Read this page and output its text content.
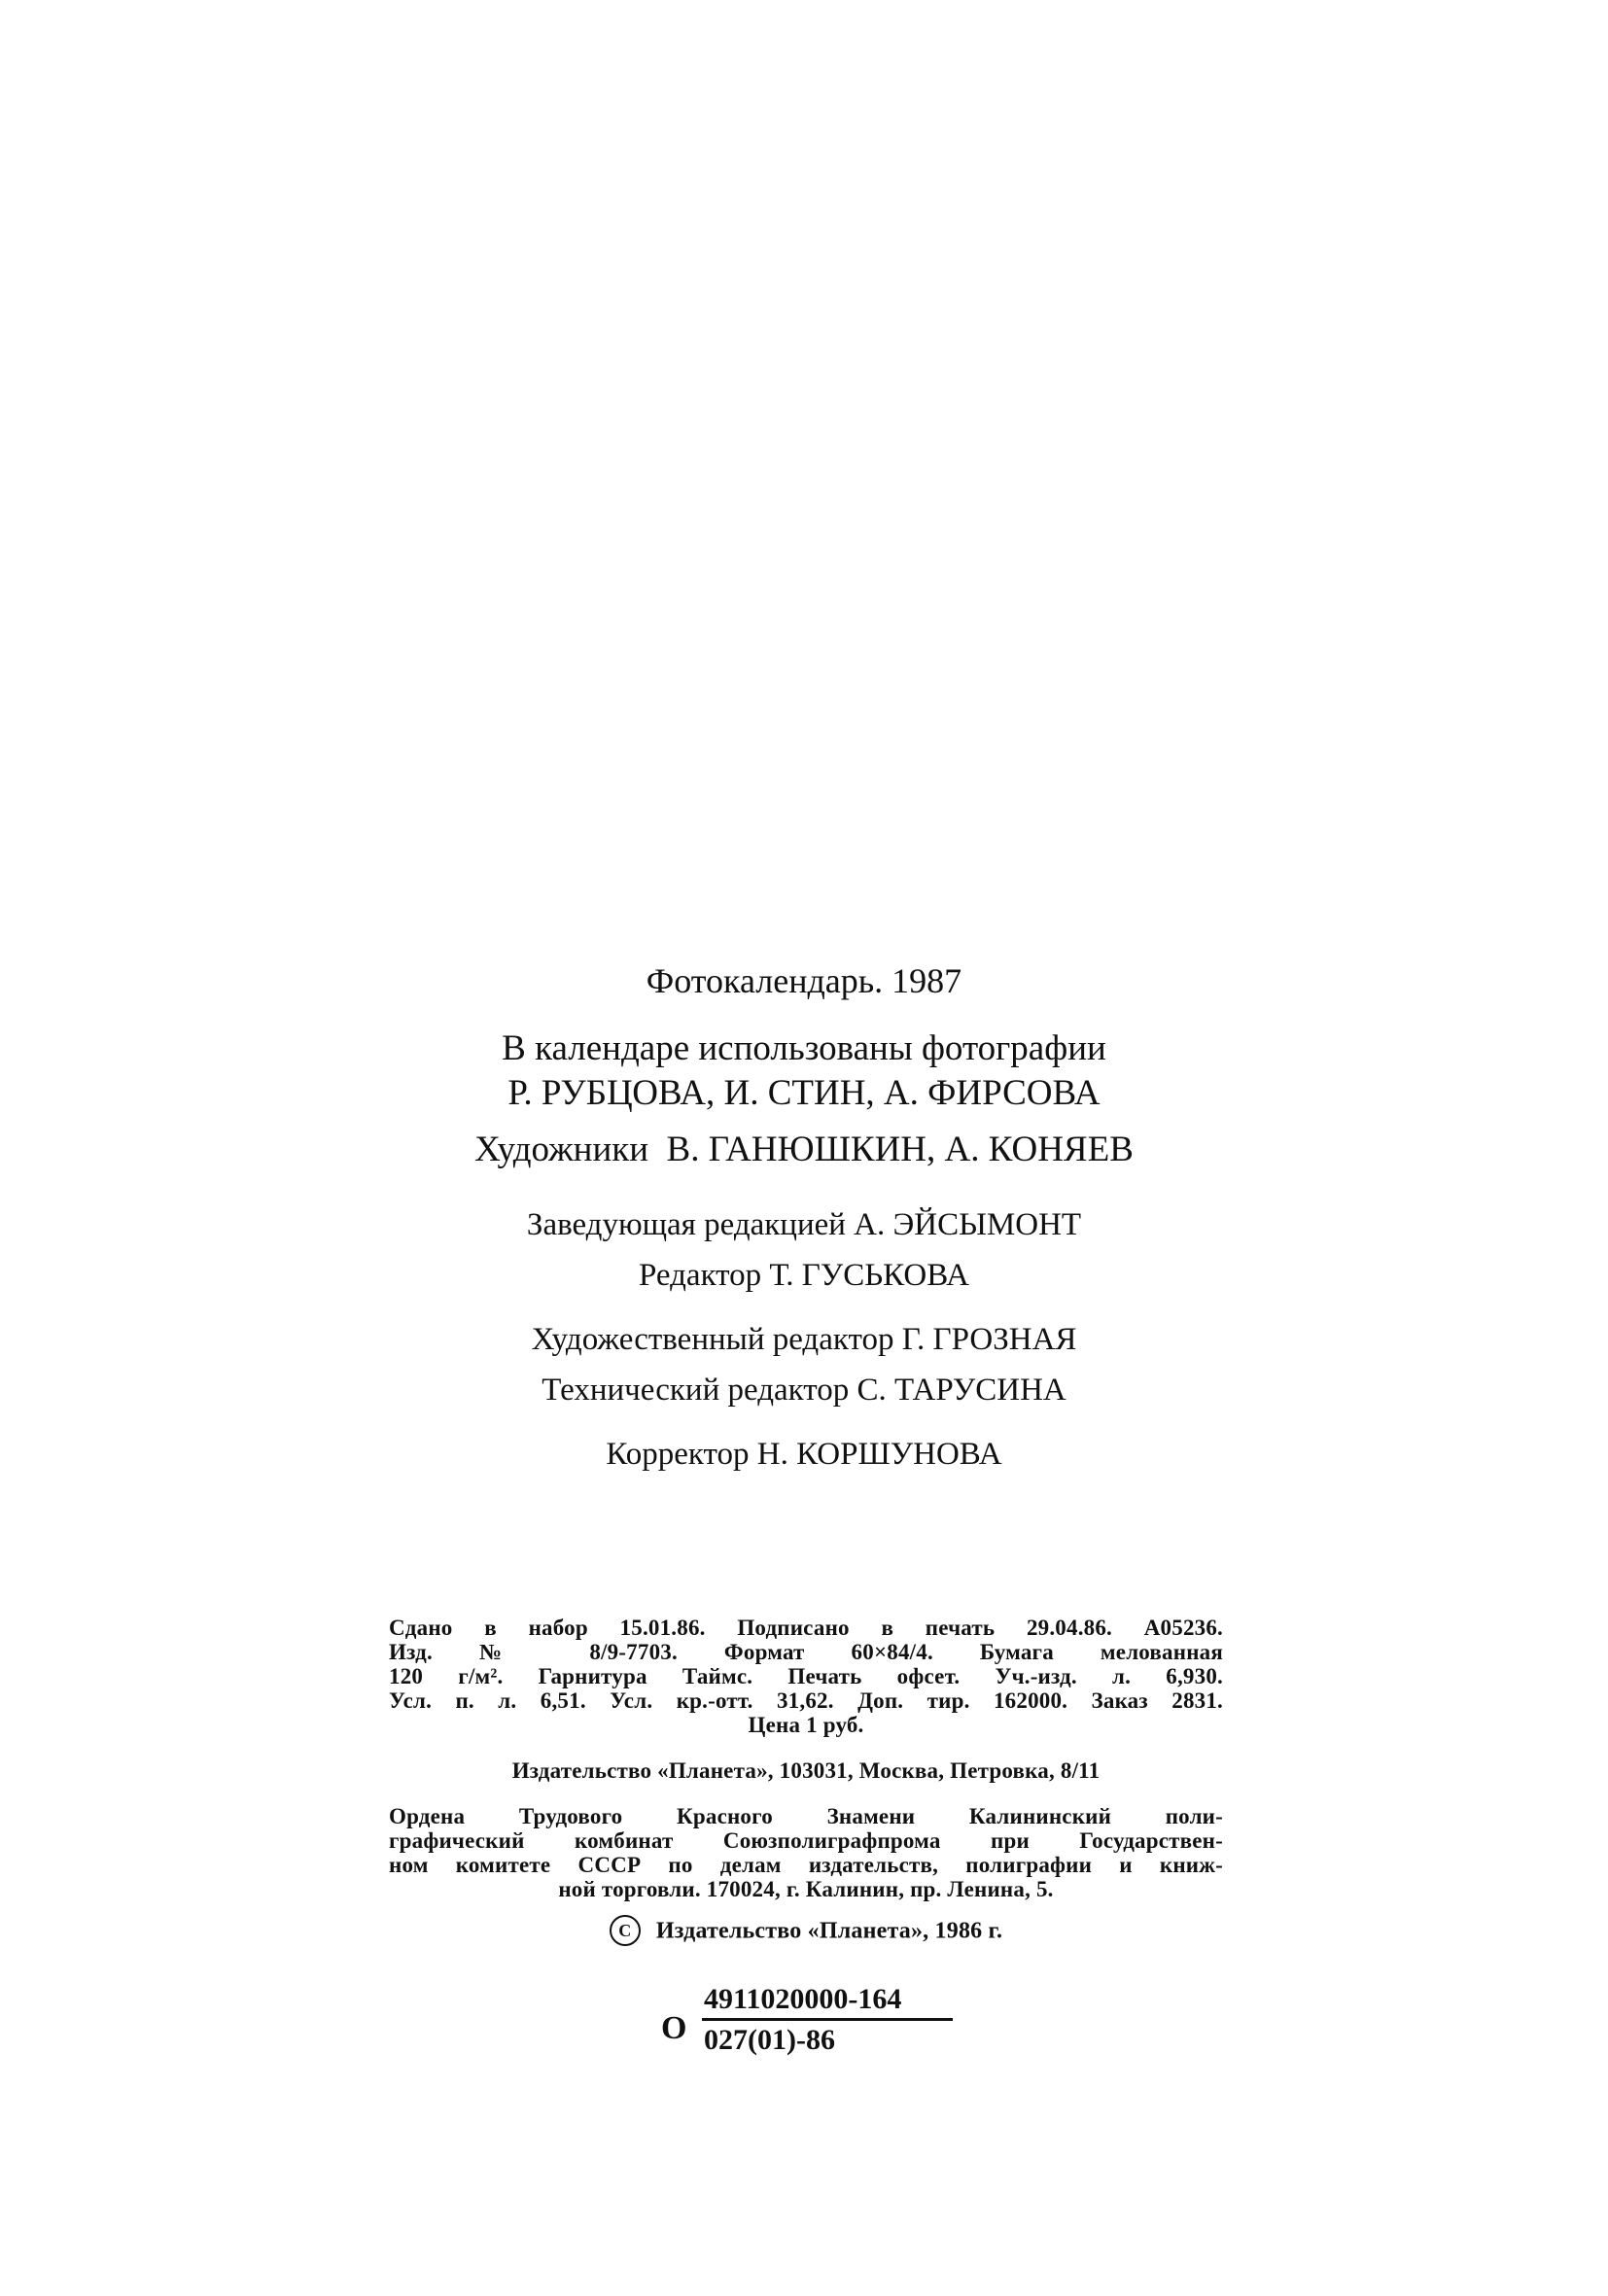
Фотокалендарь. 1987

В календаре использованы фотографии

Р. РУБЦОВА, И. СТИН, А. ФИРСОВА

Художники  В. ГАНЮШКИН, А. КОНЯЕВ

Заведующая редакцией А. ЭЙСЫМОНТ

Редактор Т. ГУСЬКОВА

Художественный редактор Г. ГРОЗНАЯ

Технический редактор С. ТАРУСИНА

Корректор Н. КОРШУНОВА

Сдано в набор 15.01.86. Подписано в печать 29.04.86. А05236.

Изд. № 8/9-7703. Формат 60×84/4. Бумага мелованная

120 г/м². Гарнитура Таймс. Печать офсет. Уч.-изд. л. 6,930.

Усл. п. л. 6,51. Усл. кр.-отт. 31,62. Доп. тир. 162000. Заказ 2831.

Цена 1 руб.

Издательство «Планета», 103031, Москва, Петровка, 8/11

Ордена Трудового Красного Знамени Калининский поли-

графический комбинат Союзполиграфпрома при Государствен-

ном комитете СССР по делам издательств, полиграфии и книж-

ной торговли. 170024, г. Калинин, пр. Ленина, 5.

C Издательство «Планета», 1986 г.

О
4911020000-164
027(01)-86
